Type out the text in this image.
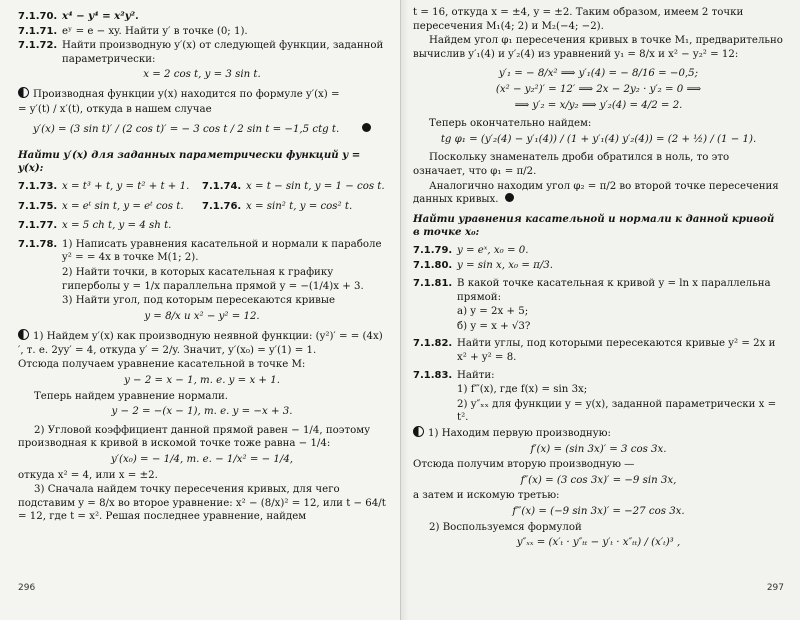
7.1.70. x⁴ − y⁴ = x²y².
7.1.71. eʸ = e − xy. Найти y′ в точке (0; 1).
7.1.72. Найти производную y′(x) от следующей функции, заданной параметрически:
x = 2 cos t, y = 3 sin t.
Производная функции y(x) находится по формуле y′(x) =
= y′(t) / x′(t), откуда в нашем случае
y′(x) = (3 sin t)′ / (2 cos t)′ = − 3 cos t / 2 sin t = −1,5 ctg t.
Найти y′(x) для заданных параметрически функций y = y(x):
7.1.73. x = t³ + t, y = t² + t + 1.	7.1.74. x = t − sin t, y = 1 − cos t.
7.1.75. x = eᵗ sin t, y = eᵗ cos t.	7.1.76. x = sin² t, y = cos² t.
7.1.77. x = 5 ch t, y = 4 sh t.
7.1.78. 1) Написать уравнения касательной и нормали к параболе y² = = 4x в точке M(1; 2).
2) Найти точки, в которых касательная к графику гиперболы y = 1/x параллельна прямой y = −(1/4)x + 3.
3) Найти угол, под которым пересекаются кривые
y = 8/x и x² − y² = 12.
1) Найдем y′(x) как производную неявной функции: (y²)′ = = (4x)′, т. е. 2yy′ = 4, откуда y′ = 2/y. Значит, y′(x₀) = y′(1) = 1.
Отсюда получаем уравнение касательной в точке M:
y − 2 = x − 1, т. е. y = x + 1.
Теперь найдем уравнение нормали.
y − 2 = −(x − 1), т. е. y = −x + 3.
2) Угловой коэффициент данной прямой равен − 1/4, поэтому производная к кривой в искомой точке тоже равна − 1/4:
y′(x₀) = − 1/4, т. е. − 1/x² = − 1/4,
откуда x² = 4, или x = ±2.
3) Сначала найдем точку пересечения кривых, для чего подставим y = 8/x во второе уравнение: x² − (8/x)² = 12, или t − 64/t = 12, где t = x². Решая последнее уравнение, найдем
296
t = 16, откуда x = ±4, y = ±2. Таким образом, имеем 2 точки пересечения M₁(4; 2) и M₂(−4; −2).
Найдем угол φ₁ пересечения кривых в точке M₁, предварительно вычислив y′₁(4) и y′₂(4) из уравнений y₁ = 8/x и x² − y₂² = 12:
y′₁ = − 8/x² ⟹ y′₁(4) = − 8/16 = −0,5;
(x² − y₂²)′ = 12′ ⟹ 2x − 2y₂ · y′₂ = 0 ⟹
⟹ y′₂ = x/y₂ ⟹ y′₂(4) = 4/2 = 2.
Теперь окончательно найдем:
tg φ₁ = (y′₂(4) − y′₁(4)) / (1 + y′₁(4) y′₂(4)) = (2 + ½) / (1 − 1).
Поскольку знаменатель дроби обратился в ноль, то это означает, что φ₁ = π/2.
Аналогично находим угол φ₂ = π/2 во второй точке пересечения данных кривых.
Найти уравнения касательной и нормали к данной кривой в точке x₀:
7.1.79. y = eˣ, x₀ = 0.
7.1.80. y = sin x, x₀ = π/3.
7.1.81. В какой точке касательная к кривой y = ln x параллельна прямой:
а) y = 2x + 5;
б) y = x + √3?
7.1.82. Найти углы, под которыми пересекаются кривые y² = 2x и x² + y² = 8.
7.1.83. Найти:
1) f‴(x), где f(x) = sin 3x;
2) y″ₓₓ для функции y = y(x), заданной параметрически x = t².
1) Находим первую производную:
f′(x) = (sin 3x)′ = 3 cos 3x.
Отсюда получим вторую производную —
f″(x) = (3 cos 3x)′ = −9 sin 3x,
а затем и искомую третью:
f‴(x) = (−9 sin 3x)′ = −27 cos 3x.
2) Воспользуемся формулой
y″ₓₓ = (x′ₜ · y″ₜₜ − y′ₜ · x″ₜₜ) / (x′ₜ)³ ,
297
